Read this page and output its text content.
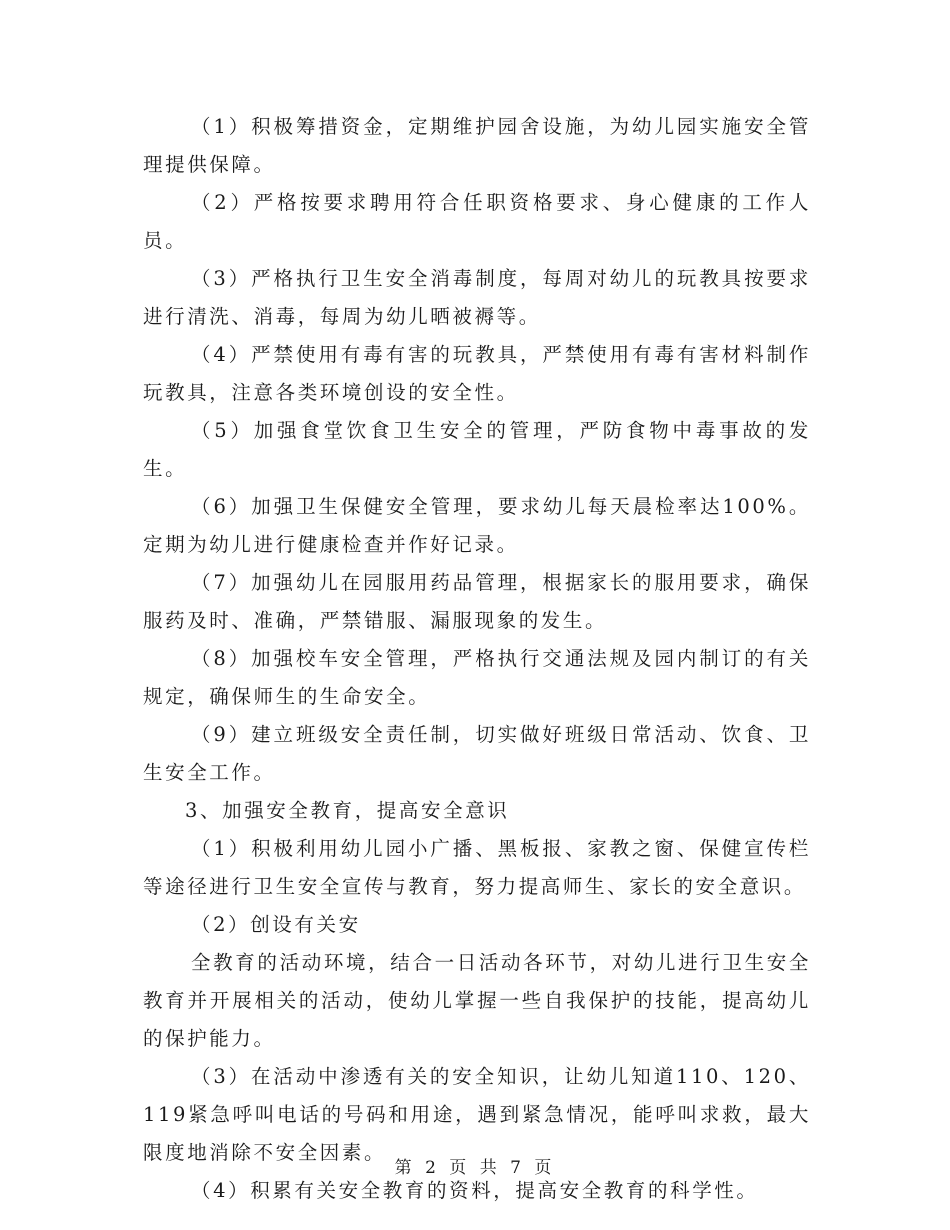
（1）积极筹措资金，定期维护园舍设施，为幼儿园实施安全管理提供保障。

（2）严格按要求聘用符合任职资格要求、身心健康的工作人员。

（3）严格执行卫生安全消毒制度，每周对幼儿的玩教具按要求进行清洗、消毒，每周为幼儿晒被褥等。

（4）严禁使用有毒有害的玩教具，严禁使用有毒有害材料制作玩教具，注意各类环境创设的安全性。

（5）加强食堂饮食卫生安全的管理，严防食物中毒事故的发生。

（6）加强卫生保健安全管理，要求幼儿每天晨检率达100%。定期为幼儿进行健康检查并作好记录。

（7）加强幼儿在园服用药品管理，根据家长的服用要求，确保服药及时、准确，严禁错服、漏服现象的发生。

（8）加强校车安全管理，严格执行交通法规及园内制订的有关规定，确保师生的生命安全。

（9）建立班级安全责任制，切实做好班级日常活动、饮食、卫生安全工作。

3、加强安全教育，提高安全意识

（1）积极利用幼儿园小广播、黑板报、家教之窗、保健宣传栏等途径进行卫生安全宣传与教育，努力提高师生、家长的安全意识。

（2）创设有关安

全教育的活动环境，结合一日活动各环节，对幼儿进行卫生安全教育并开展相关的活动，使幼儿掌握一些自我保护的技能，提高幼儿的保护能力。

（3）在活动中渗透有关的安全知识，让幼儿知道110、120、119紧急呼叫电话的号码和用途，遇到紧急情况，能呼叫求救，最大限度地消除不安全因素。

（4）积累有关安全教育的资料，提高安全教育的科学性。

第 2 页 共 7 页
